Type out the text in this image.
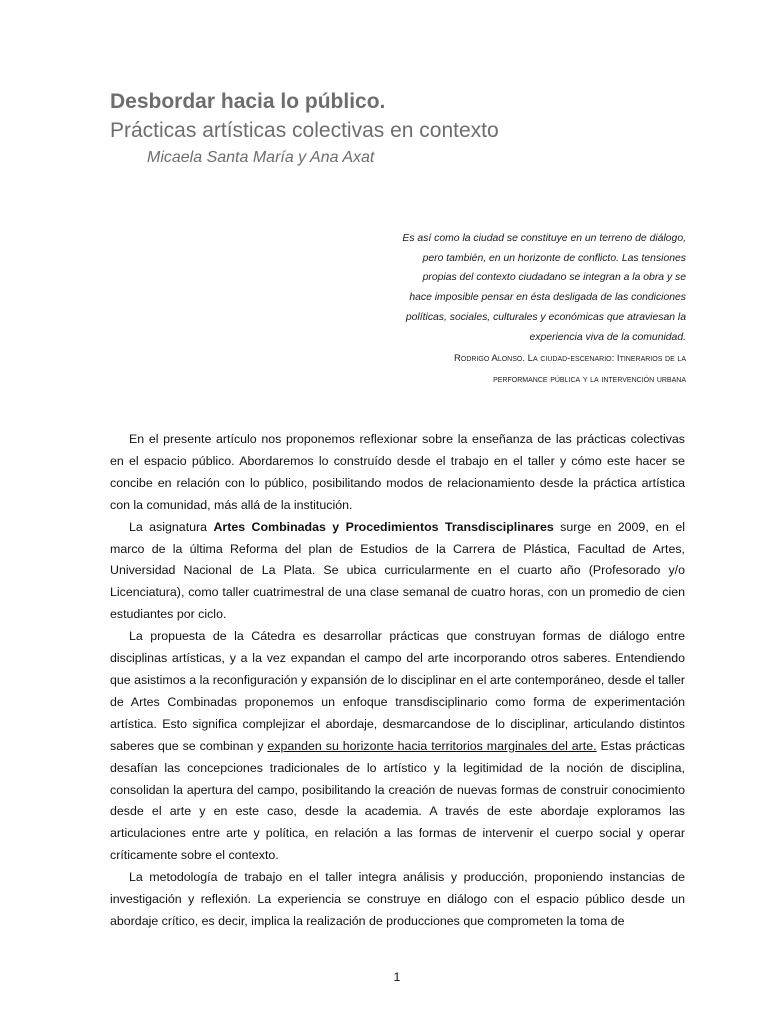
Desbordar hacia lo público.
Prácticas artísticas colectivas en contexto
Micaela Santa María y Ana Axat
Es así como la ciudad se constituye en un terreno de diálogo,
pero también, en un horizonte de conflicto. Las tensiones
propias del contexto ciudadano se integran a la obra y se
hace imposible pensar en ésta desligada de las condiciones
políticas, sociales, culturales y económicas que atraviesan la
experiencia viva de la comunidad.
Rodrigo Alonso. La ciudad-escenario: Itinerarios de la
performance pública y la intervención urbana

En el presente artículo nos proponemos reflexionar sobre la enseñanza de las prácticas colectivas en el espacio público. Abordaremos lo construído desde el trabajo en el taller y cómo este hacer se concibe en relación con lo público, posibilitando modos de relacionamiento desde la práctica artística con la comunidad, más allá de la institución.

La asignatura Artes Combinadas y Procedimientos Transdisciplinares surge en 2009, en el marco de la última Reforma del plan de Estudios de la Carrera de Plástica, Facultad de Artes, Universidad Nacional de La Plata. Se ubica curricularmente en el cuarto año (Profesorado y/o Licenciatura), como taller cuatrimestral de una clase semanal de cuatro horas, con un promedio de cien estudiantes por ciclo.

La propuesta de la Cátedra es desarrollar prácticas que construyan formas de diálogo entre disciplinas artísticas, y a la vez expandan el campo del arte incorporando otros saberes. Entendiendo que asistimos a la reconfiguración y expansión de lo disciplinar en el arte contemporáneo, desde el taller de Artes Combinadas proponemos un enfoque transdisciplinario como forma de experimentación artística. Esto significa complejizar el abordaje, desmarcandose de lo disciplinar, articulando distintos saberes que se combinan y expanden su horizonte hacia territorios marginales del arte. Estas prácticas desafían las concepciones tradicionales de lo artístico y la legitimidad de la noción de disciplina, consolidan la apertura del campo, posibilitando la creación de nuevas formas de construir conocimiento desde el arte y en este caso, desde la academia. A través de este abordaje exploramos las articulaciones entre arte y política, en relación a las formas de intervenir el cuerpo social y operar críticamente sobre el contexto.

La metodología de trabajo en el taller integra análisis y producción, proponiendo instancias de investigación y reflexión. La experiencia se construye en diálogo con el espacio público desde un abordaje crítico, es decir, implica la realización de producciones que comprometen la toma de

1
